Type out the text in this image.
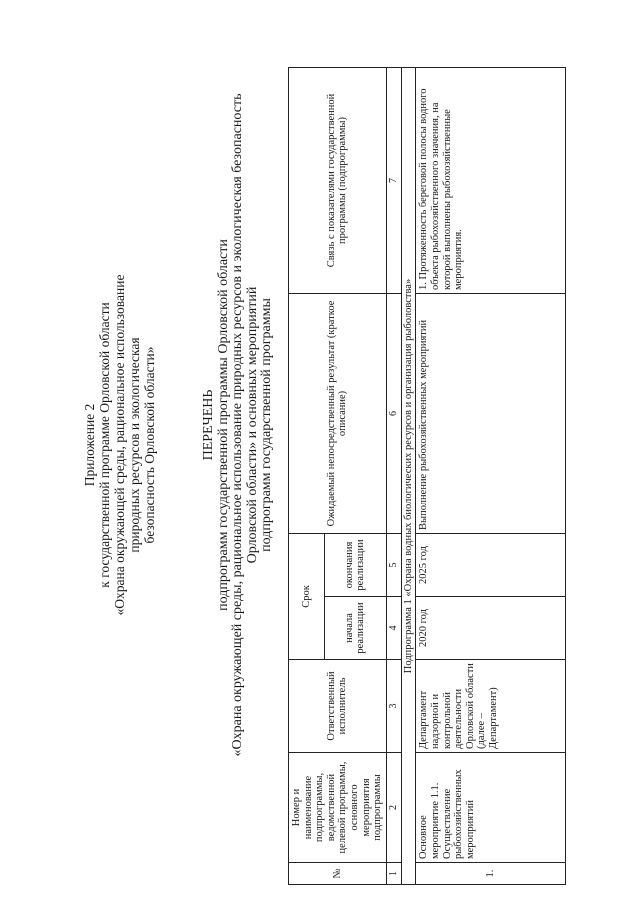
Приложение 2 к государственной программе Орловской области «Охрана окружающей среды, рациональное использование природных ресурсов и экологическая безопасность Орловской области»	ПЕРЕЧЕНЬ подпрограмм государственной программы Орловской области «Охрана окружающей среды, рациональное использование природных ресурсов и экологическая безопасность Орловской области» и основных мероприятий подпрограмм государственной программы
№	Номер и наименование подпрограммы, ведомственной целевой программы, основного мероприятия подпрограммы	Ответственный исполнитель	Срок		Ожидаемый непосредственный результат (краткое описание)	Связь с показателями государственной программы (подпрограммы)
			начала реализации	окончания реализации		
1	2	3	4	5	6	7
Подпрограмма 1 «Охрана водных биологических ресурсов и организация рыболовства»						
1.	Основное мероприятие 1.1. Осуществление рыбохозяйственных мероприятий	Департамент надзорной и контрольной деятельности Орловской области (далее – Департамент)	2020 год	2025 год	Выполнение рыбохозяйственных мероприятий	1. Протяженность береговой полосы водного объекта рыбохозяйственного значения, на которой выполнены рыбохозяйственные мероприятия.
